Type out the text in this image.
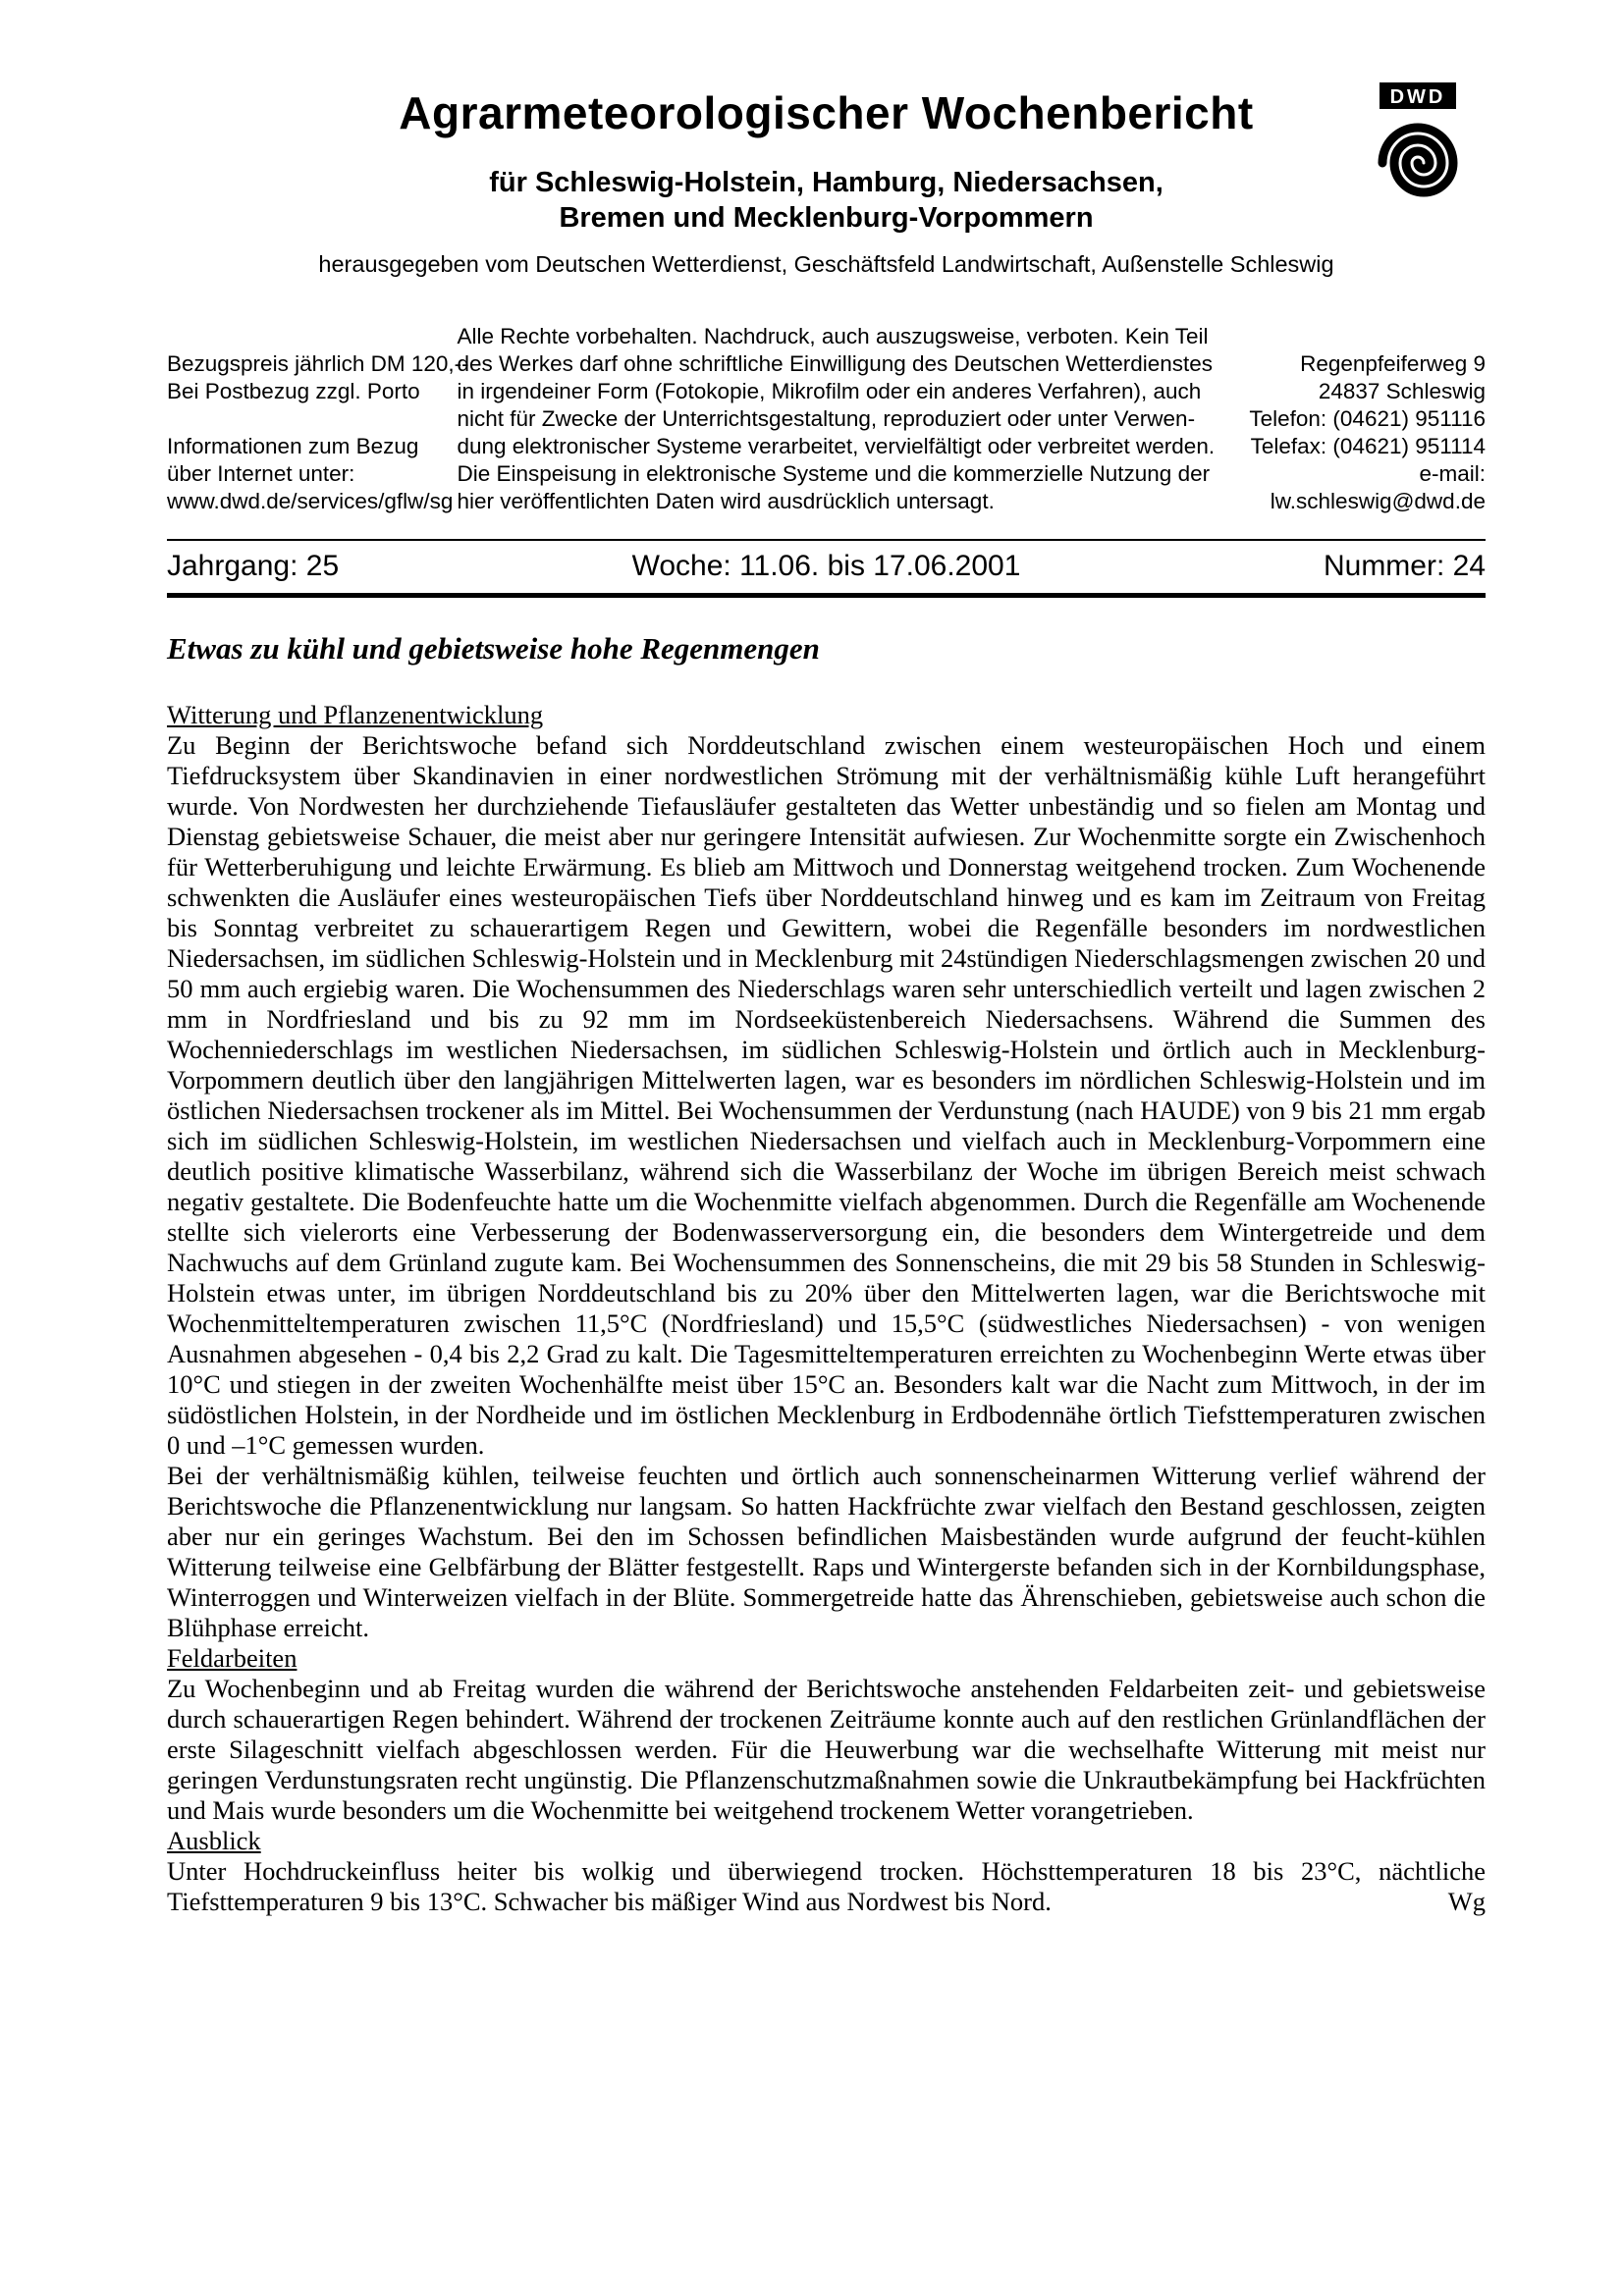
DWD
Agrarmeteorologischer Wochenbericht
für Schleswig-Holstein, Hamburg, Niedersachsen,
Bremen und Mecklenburg-Vorpommern
herausgegeben vom Deutschen Wetterdienst, Geschäftsfeld Landwirtschaft, Außenstelle Schleswig
Bezugspreis jährlich DM 120,--
Bei Postbezug zzgl. Porto
Informationen zum Bezug
über Internet unter:
www.dwd.de/services/gflw/sg
Alle Rechte vorbehalten. Nachdruck, auch auszugsweise, verboten. Kein Teil
des Werkes darf ohne schriftliche Einwilligung des Deutschen Wetterdienstes
in irgendeiner Form (Fotokopie, Mikrofilm oder ein anderes Verfahren), auch
nicht für Zwecke der Unterrichtsgestaltung, reproduziert oder unter Verwen-
dung elektronischer Systeme verarbeitet, vervielfältigt oder verbreitet werden.
Die Einspeisung in elektronische Systeme und die kommerzielle Nutzung der
hier veröffentlichten Daten wird ausdrücklich untersagt.
Regenpfeiferweg 9
24837 Schleswig
Telefon: (04621) 951116
Telefax: (04621) 951114
e-mail:
lw.schleswig@dwd.de
Jahrgang: 25	Woche: 11.06. bis 17.06.2001	Nummer: 24
Etwas zu kühl und gebietsweise hohe Regenmengen
Witterung und Pflanzenentwicklung

Zu Beginn der Berichtswoche befand sich Norddeutschland zwischen einem westeuropäischen Hoch und einem Tiefdrucksystem über Skandinavien in einer nordwestlichen Strömung mit der verhältnismäßig kühle Luft herangeführt wurde. Von Nordwesten her durchziehende Tiefausläufer gestalteten das Wetter unbeständig und so fielen am Montag und Dienstag gebietsweise Schauer, die meist aber nur geringere Intensität aufwiesen. Zur Wochenmitte sorgte ein Zwischenhoch für Wetterberuhigung und leichte Erwärmung. Es blieb am Mittwoch und Donnerstag weitgehend trocken. Zum Wochenende schwenkten die Ausläufer eines westeuropäischen Tiefs über Norddeutschland hinweg und es kam im Zeitraum von Freitag bis Sonntag verbreitet zu schauerartigem Regen und Gewittern, wobei die Regenfälle besonders im nordwestlichen Niedersachsen, im südlichen Schleswig-Holstein und in Mecklenburg mit 24stündigen Niederschlagsmengen zwischen 20 und 50 mm auch ergiebig waren. Die Wochensummen des Niederschlags waren sehr unterschiedlich verteilt und lagen zwischen 2 mm in Nordfriesland und bis zu 92 mm im Nordseeküstenbereich Niedersachsens. Während die Summen des Wochenniederschlags im westlichen Niedersachsen, im südlichen Schleswig-Holstein und örtlich auch in Mecklenburg-Vorpommern deutlich über den langjährigen Mittelwerten lagen, war es besonders im nördlichen Schleswig-Holstein und im östlichen Niedersachsen trockener als im Mittel. Bei Wochensummen der Verdunstung (nach HAUDE) von 9 bis 21 mm ergab sich im südlichen Schleswig-Holstein, im westlichen Niedersachsen und vielfach auch in Mecklenburg-Vorpommern eine deutlich positive klimatische Wasserbilanz, während sich die Wasserbilanz der Woche im übrigen Bereich meist schwach negativ gestaltete. Die Bodenfeuchte hatte um die Wochenmitte vielfach abgenommen. Durch die Regenfälle am Wochenende stellte sich vielerorts eine Verbesserung der Bodenwasserversorgung ein, die besonders dem Wintergetreide und dem Nachwuchs auf dem Grünland zugute kam. Bei Wochensummen des Sonnenscheins, die mit 29 bis 58 Stunden in Schleswig-Holstein etwas unter, im übrigen Norddeutschland bis zu 20% über den Mittelwerten lagen, war die Berichtswoche mit Wochenmitteltemperaturen zwischen 11,5°C (Nordfriesland) und 15,5°C (südwestliches Niedersachsen) - von wenigen Ausnahmen abgesehen - 0,4 bis 2,2 Grad zu kalt. Die Tagesmitteltemperaturen erreichten zu Wochenbeginn Werte etwas über 10°C und stiegen in der zweiten Wochenhälfte meist über 15°C an. Besonders kalt war die Nacht zum Mittwoch, in der im südöstlichen Holstein, in der Nordheide und im östlichen Mecklenburg in Erdbodennähe örtlich Tiefsttemperaturen zwischen 0 und –1°C gemessen wurden.

Bei der verhältnismäßig kühlen, teilweise feuchten und örtlich auch sonnenscheinarmen Witterung verlief während der Berichtswoche die Pflanzenentwicklung nur langsam. So hatten Hackfrüchte zwar vielfach den Bestand geschlossen, zeigten aber nur ein geringes Wachstum. Bei den im Schossen befindlichen Maisbeständen wurde aufgrund der feucht-kühlen Witterung teilweise eine Gelbfärbung der Blätter festgestellt. Raps und Wintergerste befanden sich in der Kornbildungsphase, Winterroggen und Winterweizen vielfach in der Blüte. Sommergetreide hatte das Ährenschieben, gebietsweise auch schon die Blühphase erreicht.

Feldarbeiten

Zu Wochenbeginn und ab Freitag wurden die während der Berichtswoche anstehenden Feldarbeiten zeit- und gebietsweise durch schauerartigen Regen behindert. Während der trockenen Zeiträume konnte auch auf den restlichen Grünlandflächen der erste Silageschnitt vielfach abgeschlossen werden. Für die Heuwerbung war die wechselhafte Witterung mit meist nur geringen Verdunstungsraten recht ungünstig. Die Pflanzenschutzmaßnahmen sowie die Unkrautbekämpfung bei Hackfrüchten und Mais wurde besonders um die Wochenmitte bei weitgehend trockenem Wetter vorangetrieben.

Ausblick

Unter Hochdruckeinfluss heiter bis wolkig und überwiegend trocken. Höchsttemperaturen 18 bis 23°C, nächtliche Tiefsttemperaturen 9 bis 13°C. Schwacher bis mäßiger Wind aus Nordwest bis Nord.	Wg
